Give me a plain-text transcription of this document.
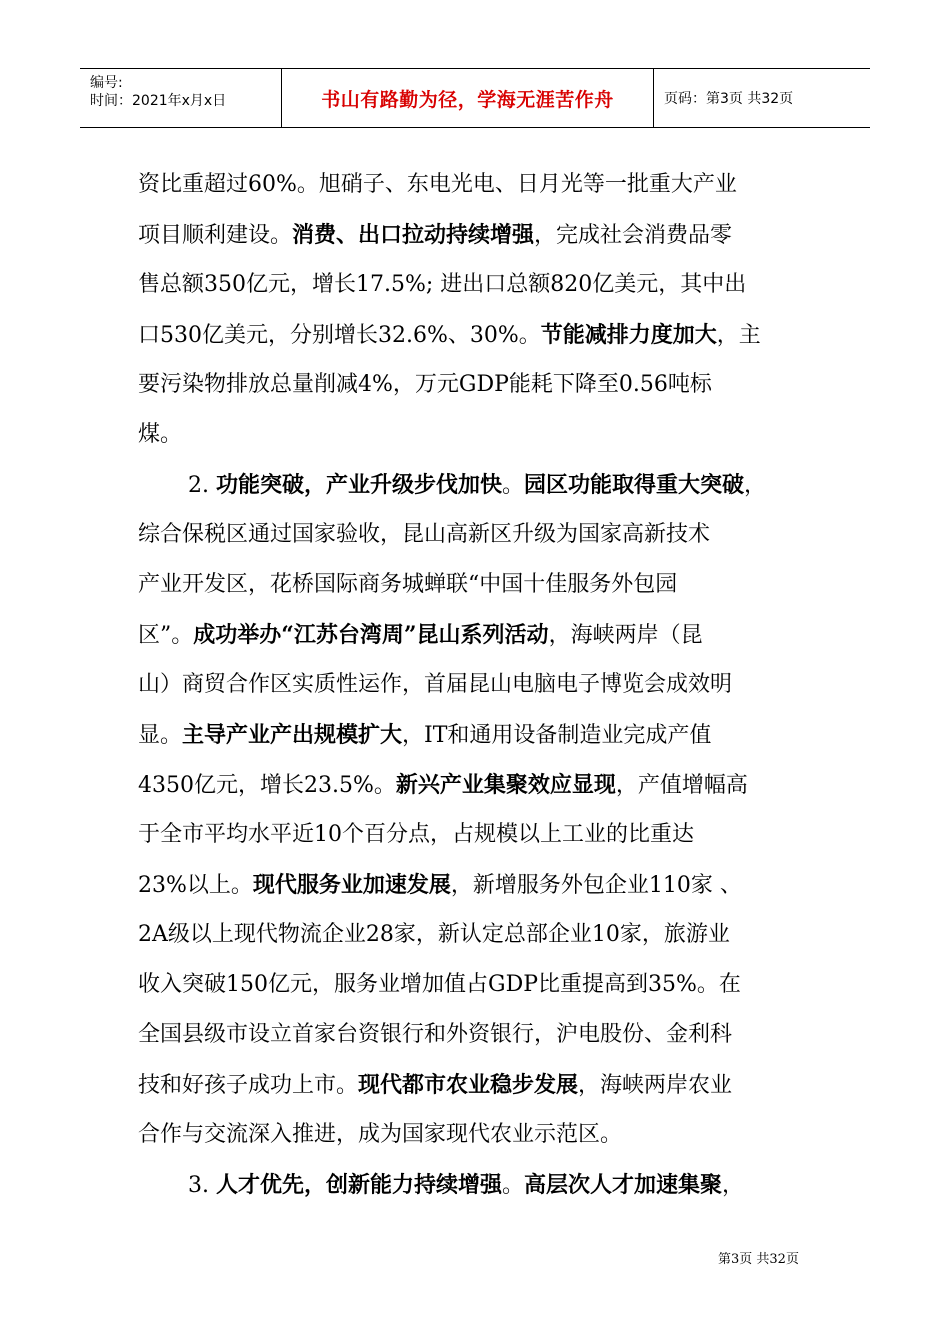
编号:
时间：2021年x月x日	书山有路勤为径，学海无涯苦作舟	页码：第3页 共32页
资比重超过60%。旭硝子、东电光电、日月光等一批重大产业
项目顺利建设。消费、出口拉动持续增强，完成社会消费品零
售总额350亿元，增长17.5%; 进出口总额820亿美元，其中出
口530亿美元，分别增长32.6%、30%。节能减排力度加大，主
要污染物排放总量削减4%，万元GDP能耗下降至0.56吨标
煤。
2. 功能突破，产业升级步伐加快。园区功能取得重大突破，
综合保税区通过国家验收，昆山高新区升级为国家高新技术
产业开发区，花桥国际商务城蝉联“中国十佳服务外包园
区”。成功举办“江苏台湾周”昆山系列活动，海峡两岸（昆
山）商贸合作区实质性运作，首届昆山电脑电子博览会成效明
显。主导产业产出规模扩大，IT和通用设备制造业完成产值
4350亿元，增长23.5%。新兴产业集聚效应显现，产值增幅高
于全市平均水平近10个百分点，占规模以上工业的比重达
23%以上。现代服务业加速发展，新增服务外包企业110家 、
2A级以上现代物流企业28家，新认定总部企业10家，旅游业
收入突破150亿元，服务业增加值占GDP比重提高到35%。在
全国县级市设立首家台资银行和外资银行，沪电股份、金利科
技和好孩子成功上市。现代都市农业稳步发展，海峡两岸农业
合作与交流深入推进，成为国家现代农业示范区。
3. 人才优先，创新能力持续增强。高层次人才加速集聚，
第3页 共32页
